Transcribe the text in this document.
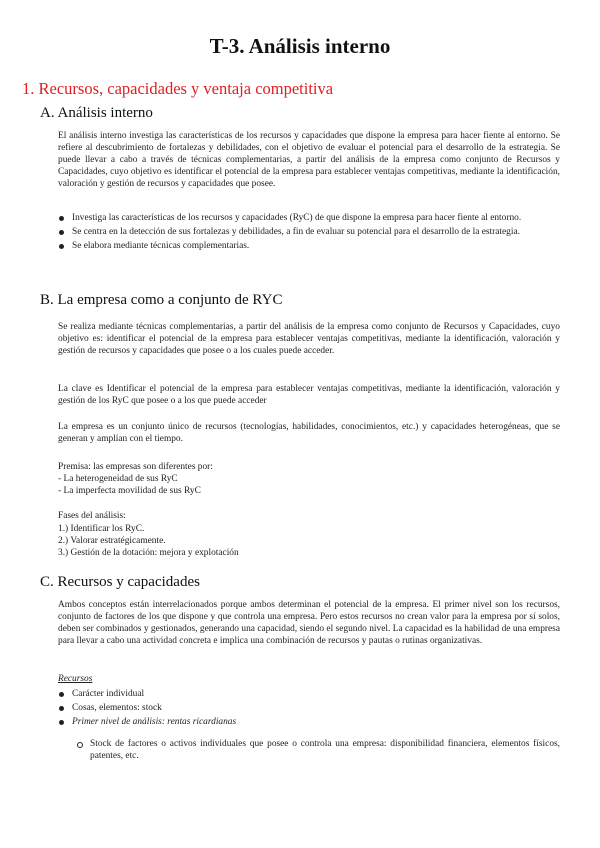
T-3. Análisis interno
1. Recursos, capacidades y ventaja competitiva
A. Análisis interno

El análisis interno investiga las características de los recursos y capacidades que dispone la empresa para hacer fiente al entorno. Se refiere al descubrimiento de fortalezas y debilidades, con el objetivo de evaluar el potencial para el desarrollo de la estrategia. Se puede llevar a cabo a través de técnicas complementarias, a partir del análisis de la empresa como conjunto de Recursos y Capacidades, cuyo objetivo es identificar el potencial de la empresa para establecer ventajas competitivas, mediante la identificación, valoración y gestión de recursos y capacidades que posee.

Investiga las características de los recursos y capacidades (RyC) de que dispone la empresa para hacer fiente al entorno.
Se centra en la detección de sus fortalezas y debilidades, a fin de evaluar su potencial para el desarrollo de la estrategia.
Se elabora mediante técnicas complementarias.
B. La empresa como a conjunto de RYC

Se realiza mediante técnicas complementarias, a partir del análisis de la empresa como conjunto de Recursos y Capacidades, cuyo objetivo es: identificar el potencial de la empresa para establecer ventajas competitivas, mediante la identificación, valoración y gestión de recursos y capacidades que posee o a los cuales puede acceder.

La clave es Identificar el potencial de la empresa para establecer ventajas competitivas, mediante la identificación, valoración y gestión de los RyC que posee o a los que puede acceder

La empresa es un conjunto único de recursos (tecnologías, habilidades, conocimientos, etc.) y capacidades heterogéneas, que se generan y amplían con el tiempo.

Premisa: las empresas son diferentes por:
- La heterogeneidad de sus RyC
- La imperfecta movilidad de sus RyC
Fases del análisis:
1.) Identificar los RyC.
2.) Valorar estratégicamente.
3.) Gestión de la dotación: mejora y explotación
C. Recursos y capacidades

Ambos conceptos están interrelacionados porque ambos determinan el potencial de la empresa. El primer nivel son los recursos, conjunto de factores de los que dispone y que controla una empresa. Pero estos recursos no crean valor para la empresa por sí solos, deben ser combinados y gestionados, generando una capacidad, siendo el segundo nivel. La capacidad es la habilidad de una empresa para llevar a cabo una actividad concreta e implica una combinación de recursos y pautas o rutinas organizativas.

Recursos
Carácter individual
Cosas, elementos: stock
Primer nivel de análisis: rentas ricardianas
Stock de factores o activos individuales que posee o controla una empresa: disponibilidad financiera, elementos físicos, patentes, etc.
